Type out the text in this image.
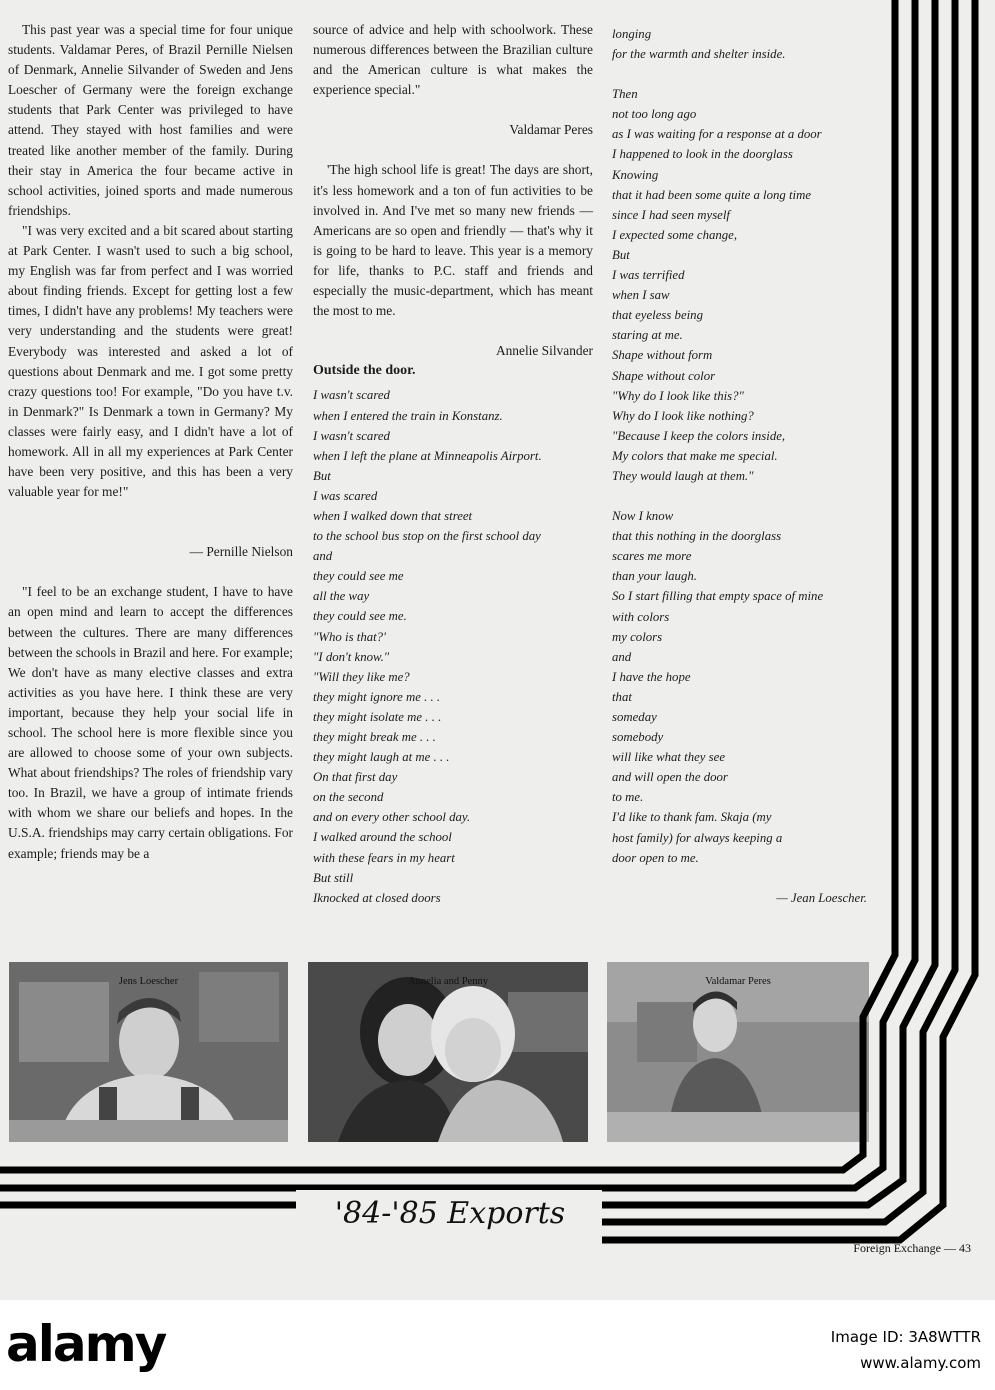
This past year was a special time for four unique students. Valdamar Peres, of Brazil Pernille Nielsen of Denmark, Annelie Silvander of Sweden and Jens Loescher of Germany were the foreign exchange students that Park Center was privileged to have attend. They stayed with host families and were treated like another member of the family. During their stay in America the four became active in school activities, joined sports and made numerous friendships.

"I was very excited and a bit scared about starting at Park Center. I wasn't used to such a big school, my English was far from perfect and I was worried about finding friends. Except for getting lost a few times, I didn't have any problems! My teachers were very understanding and the students were great! Everybody was interested and asked a lot of questions about Denmark and me. I got some pretty crazy questions too! For example, "Do you have t.v. in Denmark?" Is Denmark a town in Germany? My classes were fairly easy, and I didn't have a lot of homework. All in all my experiences at Park Center have been very positive, and this has been a very valuable year for me!"

— Pernille Nielson

"I feel to be an exchange student, I have to have an open mind and learn to accept the differences between the cultures. There are many differences between the schools in Brazil and here. For example; We don't have as many elective classes and extra activities as you have here. I think these are very important, because they help your social life in school. The school here is more flexible since you are allowed to choose some of your own subjects. What about friendships? The roles of friendship vary too. In Brazil, we have a group of intimate friends with whom we share our beliefs and hopes. In the U.S.A. friendships may carry certain obligations. For example; friends may be a

source of advice and help with schoolwork. These numerous differences between the Brazilian culture and the American culture is what makes the experience special."

Valdamar Peres

'The high school life is great! The days are short, it's less homework and a ton of fun activities to be involved in. And I've met so many new friends — Americans are so open and friendly — that's why it is going to be hard to leave. This year is a memory for life, thanks to P.C. staff and friends and especially the music-department, which has meant the most to me.

Annelie Silvander

Outside the door.

I wasn't scared
when I entered the train in Konstanz.
I wasn't scared
when I left the plane at Minneapolis Airport.
But
I was scared
when I walked down that street
to the school bus stop on the first school day
and
they could see me
all the way
they could see me.
"Who is that?'
"I don't know."
"Will they like me?
they might ignore me . . .
they might isolate me . . .
they might break me . . .
they might laugh at me . . .
On that first day
on the second
and on every other school day.
I walked around the school
with these fears in my heart
But still
Iknocked at closed doors
longing
for the warmth and shelter inside.
Then
not too long ago
as I was waiting for a response at a door
I happened to look in the doorglass
Knowing
that it had been some quite a long time
since I had seen myself
I expected some change,
But
I was terrified
when I saw
that eyeless being
staring at me.
Shape without form
Shape without color
"Why do I look like this?"
Why do I look like nothing?
"Because I keep the colors inside,
My colors that make me special.
They would laugh at them."
Now I know
that this nothing in the doorglass
scares me more
than your laugh.
So I start filling that empty space of mine
with colors
my colors
and
I have the hope
that
someday
somebody
will like what they see
and will open the door
to me.
I'd like to thank fam. Skaja (my
host family) for always keeping a
door open to me.
— Jean Loescher.
Jens Loescher	Annelia and Penny	Valdamar Peres
'84-'85 Exports
Foreign Exchange — 43
alamy	Image ID: 3A8WTTR
www.alamy.com
